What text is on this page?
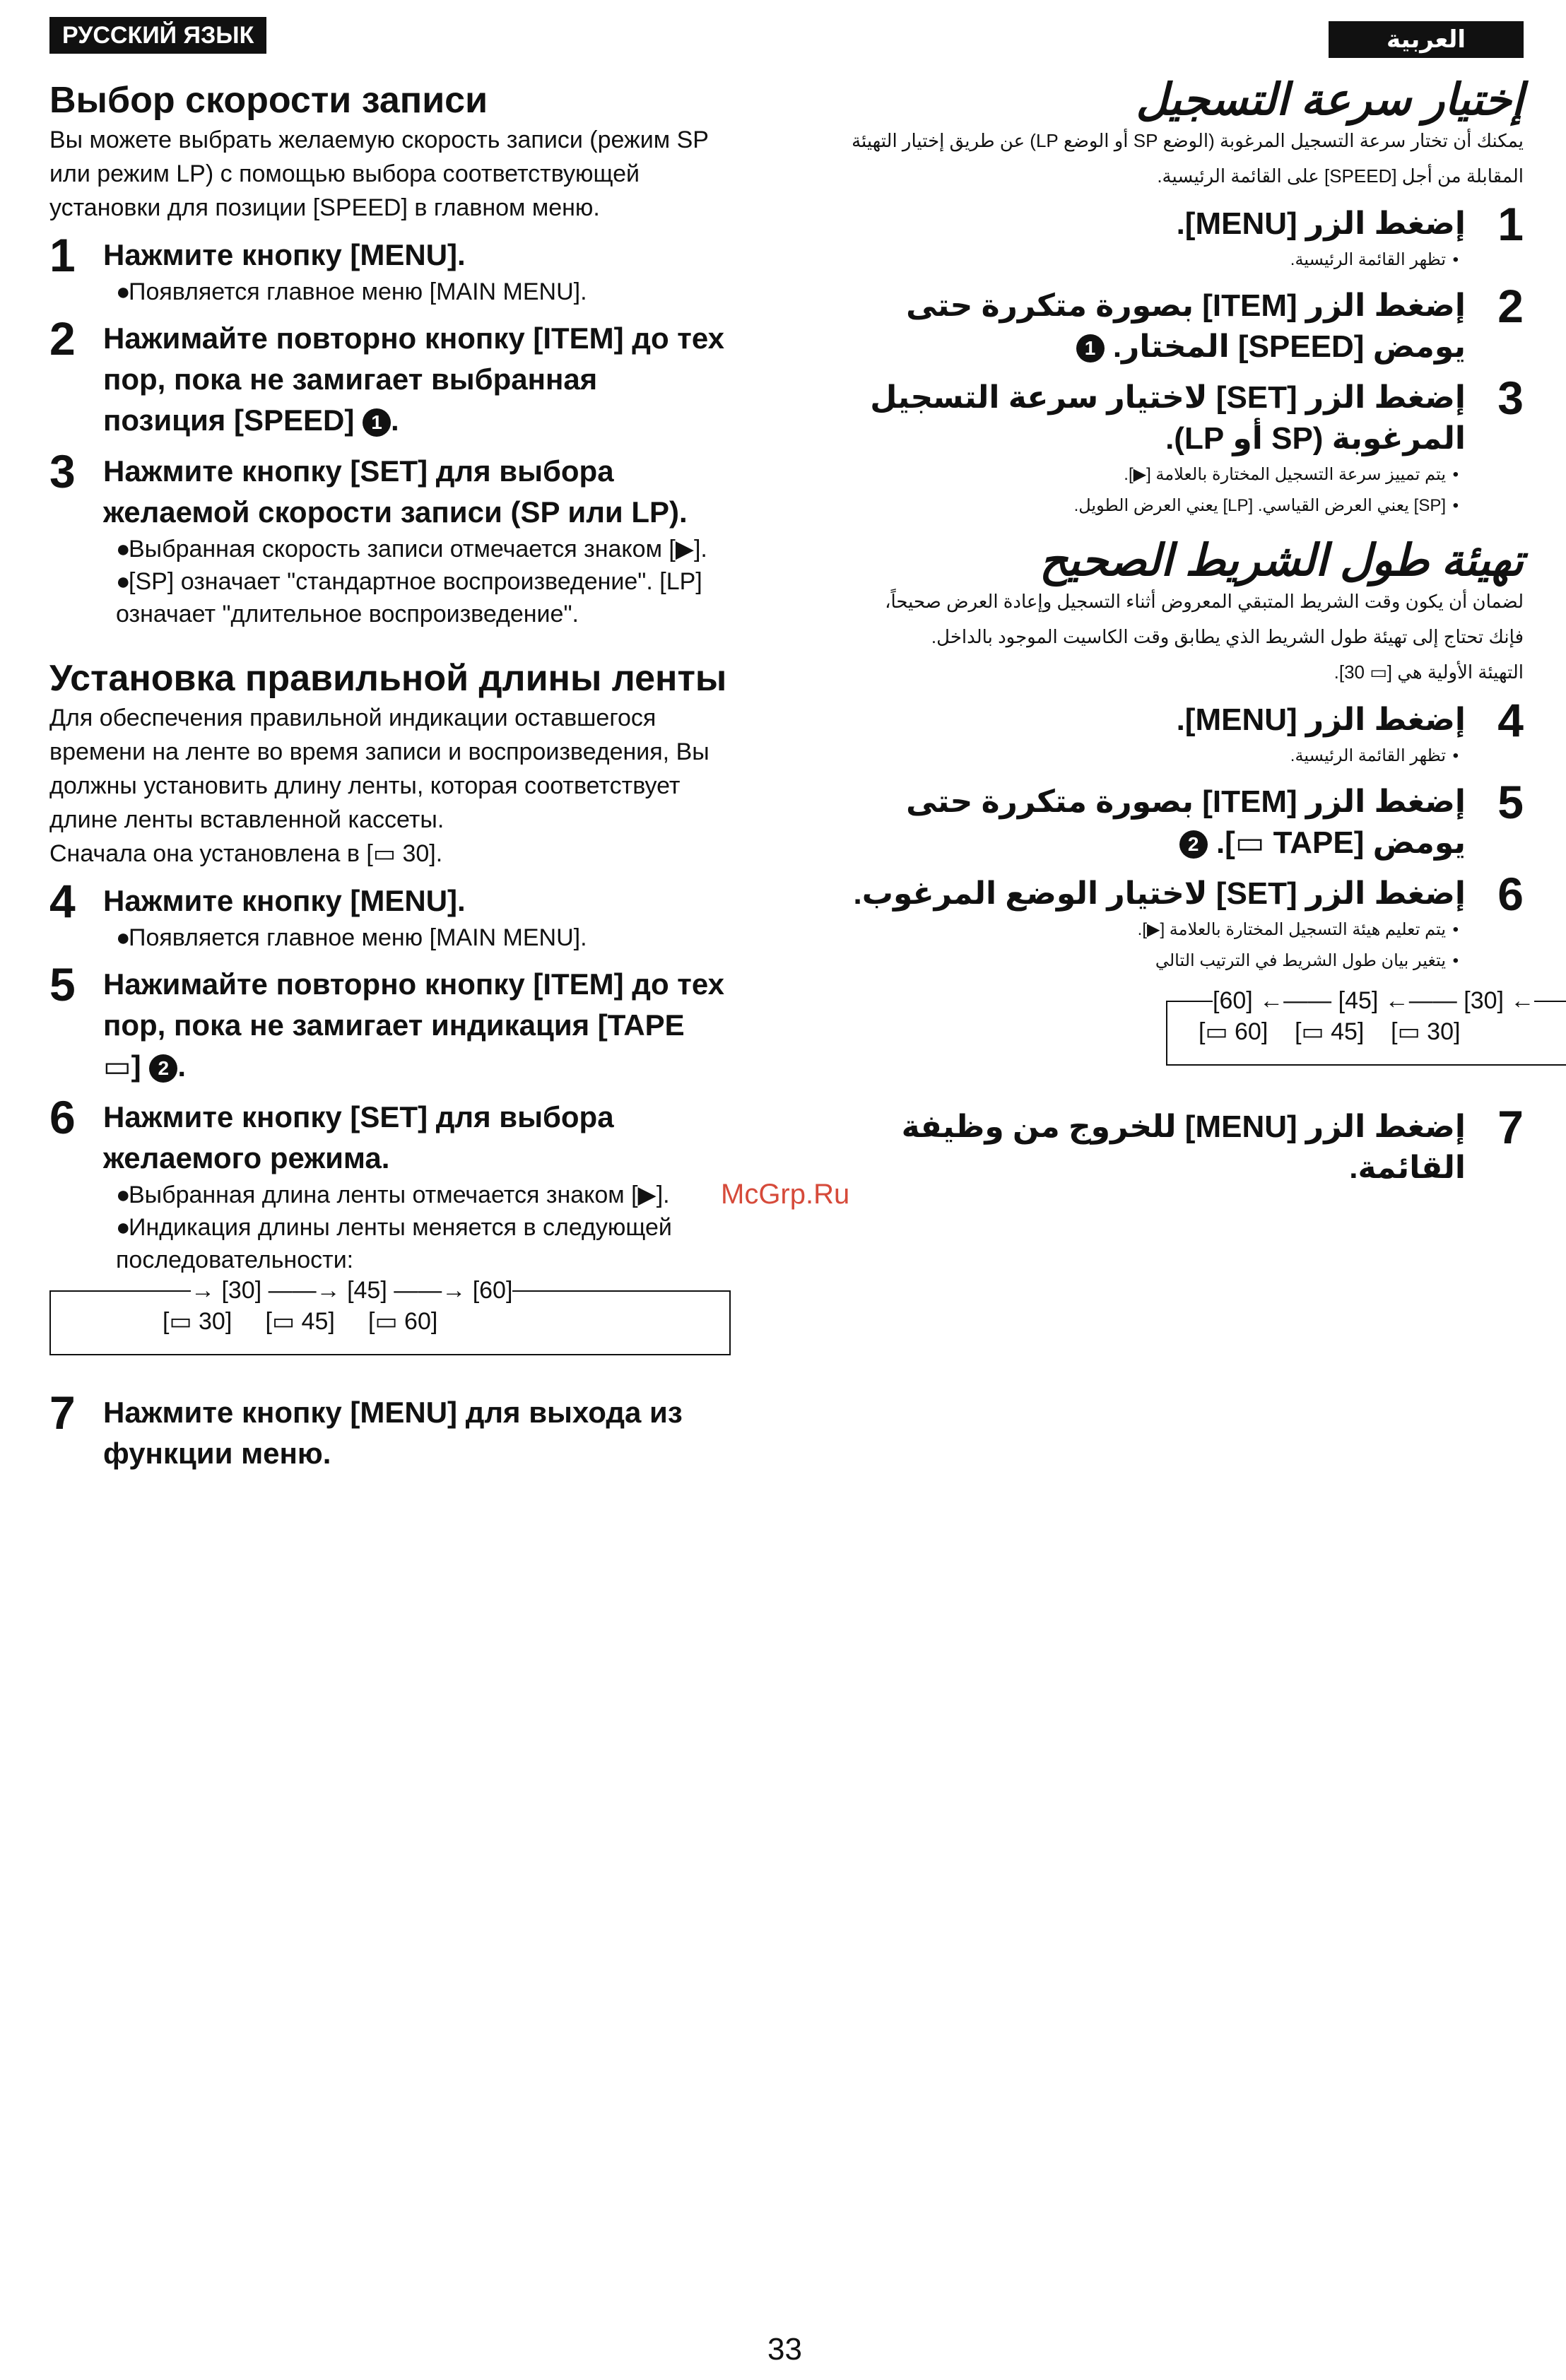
РУССКИЙ ЯЗЫК	العربية
Выбор скорости записи

Вы можете выбрать желаемую скорость записи (режим SP или режим LP) с помощью выбора соответствующей установки для позиции [SPEED] в главном меню.

1 Нажмите кнопку [MENU].
●Появляется главное меню [MAIN MENU].
2 Нажимайте повторно кнопку [ITEM] до тех пор, пока не замигает выбранная позиция [SPEED] 1 .
3 Нажмите кнопку [SET] для выбора желаемой скорости записи (SP или LP).
●Выбранная скорость записи отмечается знаком [▶].
●[SP] означает "стандартное воспроизведение". [LP] означает "длительное воспроизведение".
Установка правильной длины ленты

Для обеспечения правильной индикации оставшегося времени на ленте во время записи и воспроизведения, Вы должны установить длину ленты, которая соответствует длине ленты вставленной кассеты.

Сначала она установлена в [▭ 30].

4 Нажмите кнопку [MENU].
●Появляется главное меню [MAIN MENU].
5 Нажимайте повторно кнопку [ITEM] до тех пор, пока не замигает индикация [TAPE ▭] 2 .
6 Нажмите кнопку [SET] для выбора желаемого режима.
●Выбранная длина ленты отмечается знаком [▶].
●Индикация длины ленты меняется в следующей последовательности:
→ [30] ——→ [45] ——→ [60]
[▭ 30] [▭ 45] [▭ 60]
7 Нажмите кнопку [MENU] для выхода из функции меню.
إختيار سرعة التسجيل

يمكنك أن تختار سرعة التسجيل المرغوبة (الوضع SP أو الوضع LP) عن طريق إختيار التهيئة المقابلة من أجل [SPEED] على القائمة الرئيسية.

1
إضغط الزر [MENU].
•تظهر القائمة الرئيسية.
2
إضغط الزر [ITEM] بصورة متكررة حتى يومض [SPEED] المختار. 1
3
إضغط الزر [SET] لاختيار سرعة التسجيل المرغوبة (SP أو LP).
•يتم تمييز سرعة التسجيل المختارة بالعلامة [▶].
•[SP] يعني العرض القياسي. [LP] يعني العرض الطويل.
تهيئة طول الشريط الصحيح

لضمان أن يكون وقت الشريط المتبقي المعروض أثناء التسجيل وإعادة العرض صحيحاً، فإنك تحتاج إلى تهيئة طول الشريط الذي يطابق وقت الكاسيت الموجود بالداخل.

التهيئة الأولية هي [▭ 30].

4
إضغط الزر [MENU].
•تظهر القائمة الرئيسية.
5
إضغط الزر [ITEM] بصورة متكررة حتى يومض [TAPE ▭]. 2
6
إضغط الزر [SET] لاختيار الوضع المرغوب.
•يتم تعليم هيئة التسجيل المختارة بالعلامة [▶].
•يتغير بيان طول الشريط في الترتيب التالي
[60] ←—— [45] ←—— [30] ←
[▭ 60] [▭ 45] [▭ 30]
7
إضغط الزر [MENU] للخروج من وظيفة القائمة.
McGrp.Ru
33
